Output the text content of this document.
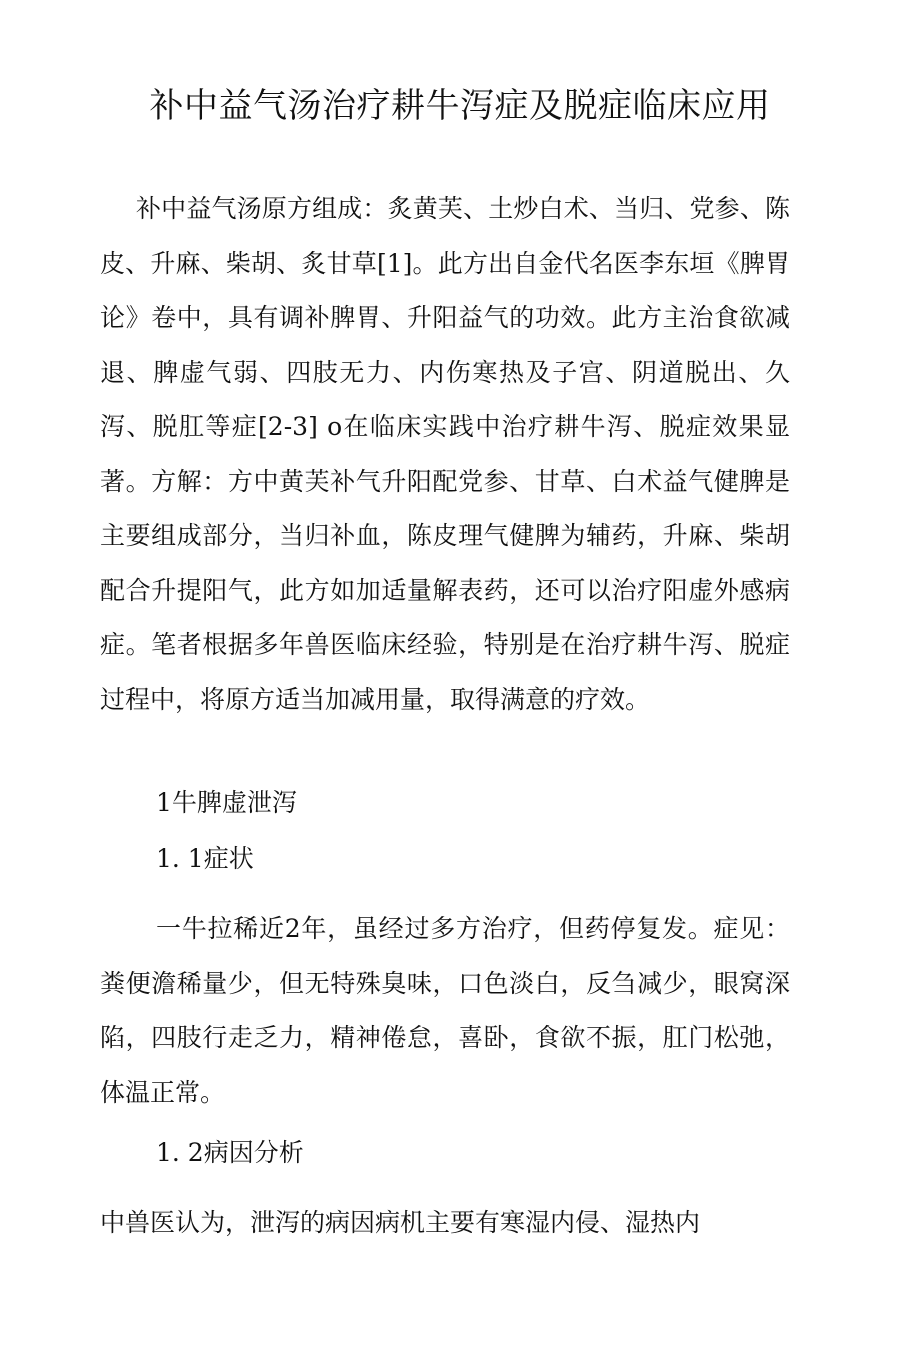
补中益气汤治疗耕牛泻症及脱症临床应用

补中益气汤原方组成：炙黄芙、土炒白术、当归、党参、陈皮、升麻、柴胡、炙甘草[1]。此方出自金代名医李东垣《脾胃论》卷中，具有调补脾胃、升阳益气的功效。此方主治食欲减退、脾虚气弱、四肢无力、内伤寒热及子宫、阴道脱出、久泻、脱肛等症[2-3] o在临床实践中治疗耕牛泻、脱症效果显著。方解：方中黄芙补气升阳配党参、甘草、白术益气健脾是主要组成部分，当归补血，陈皮理气健脾为辅药，升麻、柴胡配合升提阳气，此方如加适量解表药，还可以治疗阳虚外感病症。笔者根据多年兽医临床经验，特别是在治疗耕牛泻、脱症过程中，将原方适当加减用量，取得满意的疗效。

1牛脾虚泄泻

1. 1症状

一牛拉稀近2年，虽经过多方治疗，但药停复发。症见：粪便澹稀量少，但无特殊臭味，口色淡白，反刍减少，眼窝深陷，四肢行走乏力，精神倦怠，喜卧，食欲不振，肛门松弛，体温正常。

1. 2病因分析

中兽医认为，泄泻的病因病机主要有寒湿内侵、湿热内
